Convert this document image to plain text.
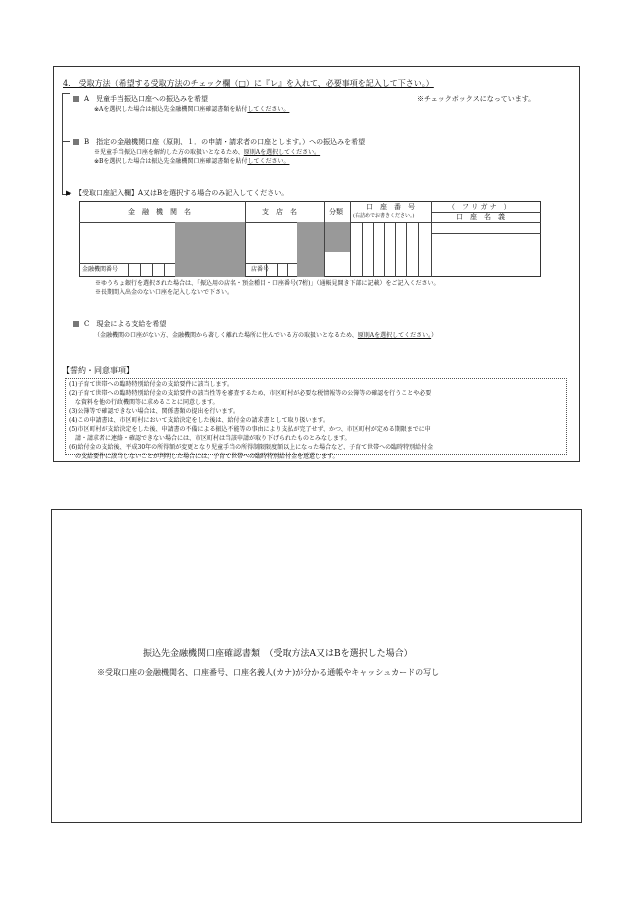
4.　受取方法（希望する受取方法のチェック欄（□）に『レ』を入れて、必要事項を記入して下さい。）
▶
A　児童手当振込口座への振込みを希望	※チェックボックスになっています。
※Aを選択した場合は振込先金融機関口座確認書類を貼付してください。
B　指定の金融機関口座（原則、１．の申請・請求者の口座とします。）への振込みを希望
※児童手当振込口座を解約した方の取扱いとなるため、原則Aを選択してください。
※Bを選択した場合は振込先金融機関口座確認書類を貼付してください。
【受取口座記入欄】A又はBを選択する場合のみ記入してください。
金　融　機　関　名	支　店　名	分類
口　座　番　号
(右詰めでお書きください。)
（　フ リ ガ ナ　）
口　座　名　義
金融機関番号	店番号
※ゆうちょ銀行を選択された場合は、「振込用の店名・預金種目・口座番号(7桁)」（通帳見開き下部に記載）をご記入ください。
※長期間入出金のない口座を記入しないで下さい。
C　現金による支給を希望
（金融機関の口座がない方、金融機関から著しく離れた場所に住んでいる方の取扱いとなるため、原則Aを選択してください。）
【誓約・同意事項】
(1)子育て世帯への臨時特別給付金の支給要件に該当します。
(2)子育て世帯への臨時特別給付金の支給要件の該当性等を審査するため、市区町村が必要な税情報等の公簿等の確認を行うことや必要
　な資料を他の行政機関等に求めることに同意します。
(3)公簿等で確認できない場合は、関係書類の提出を行います。
(4)この申請書は、市区町村において支給決定をした後は、給付金の請求書として取り扱います。
(5)市区町村が支給決定をした後、申請書の不備による振込不能等の事由により支払が完了せず、かつ、市区町村が定める期限までに申
　請・請求者に連絡・確認できない場合には、市区町村は当該申請が取り下げられたものとみなします。
(6)給付金の支給後、平成30年の所得額が変更となり児童手当の所得制限限度額以上になった場合など、子育て世帯への臨時特別給付金
　の支給要件に該当しないことが判明した場合には、子育て世帯への臨時特別給付金を返還します。
振込先金融機関口座確認書類　（受取方法A又はBを選択した場合）
※受取口座の金融機関名、口座番号、口座名義人(カナ)が分かる通帳やキャッシュカードの写し
